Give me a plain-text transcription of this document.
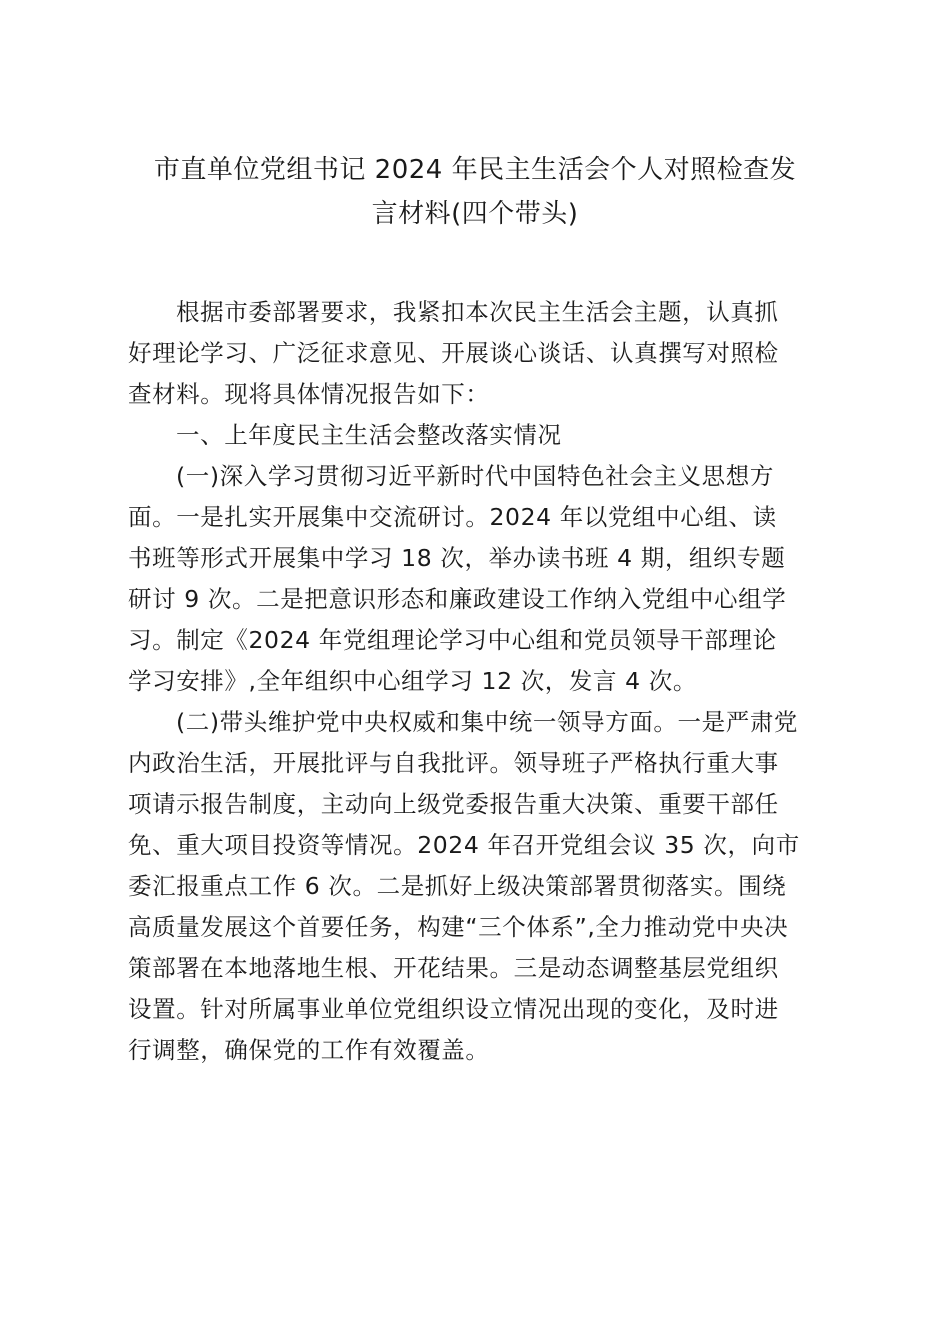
市直单位党组书记 2024 年民主生活会个人对照检查发
言材料(四个带头)
根据市委部署要求，我紧扣本次民主生活会主题，认真抓
好理论学习、广泛征求意见、开展谈心谈话、认真撰写对照检
查材料。现将具体情况报告如下：
一、上年度民主生活会整改落实情况
(一)深入学习贯彻习近平新时代中国特色社会主义思想方
面。一是扎实开展集中交流研讨。2024 年以党组中心组、读
书班等形式开展集中学习 18 次，举办读书班 4 期，组织专题
研讨 9 次。二是把意识形态和廉政建设工作纳入党组中心组学
习。制定《2024 年党组理论学习中心组和党员领导干部理论
学习安排》,全年组织中心组学习 12 次，发言 4 次。
(二)带头维护党中央权威和集中统一领导方面。一是严肃党
内政治生活，开展批评与自我批评。领导班子严格执行重大事
项请示报告制度，主动向上级党委报告重大决策、重要干部任
免、重大项目投资等情况。2024 年召开党组会议 35 次，向市
委汇报重点工作 6 次。二是抓好上级决策部署贯彻落实。围绕
高质量发展这个首要任务，构建“三个体系”,全力推动党中央决
策部署在本地落地生根、开花结果。三是动态调整基层党组织
设置。针对所属事业单位党组织设立情况出现的变化，及时进
行调整，确保党的工作有效覆盖。
